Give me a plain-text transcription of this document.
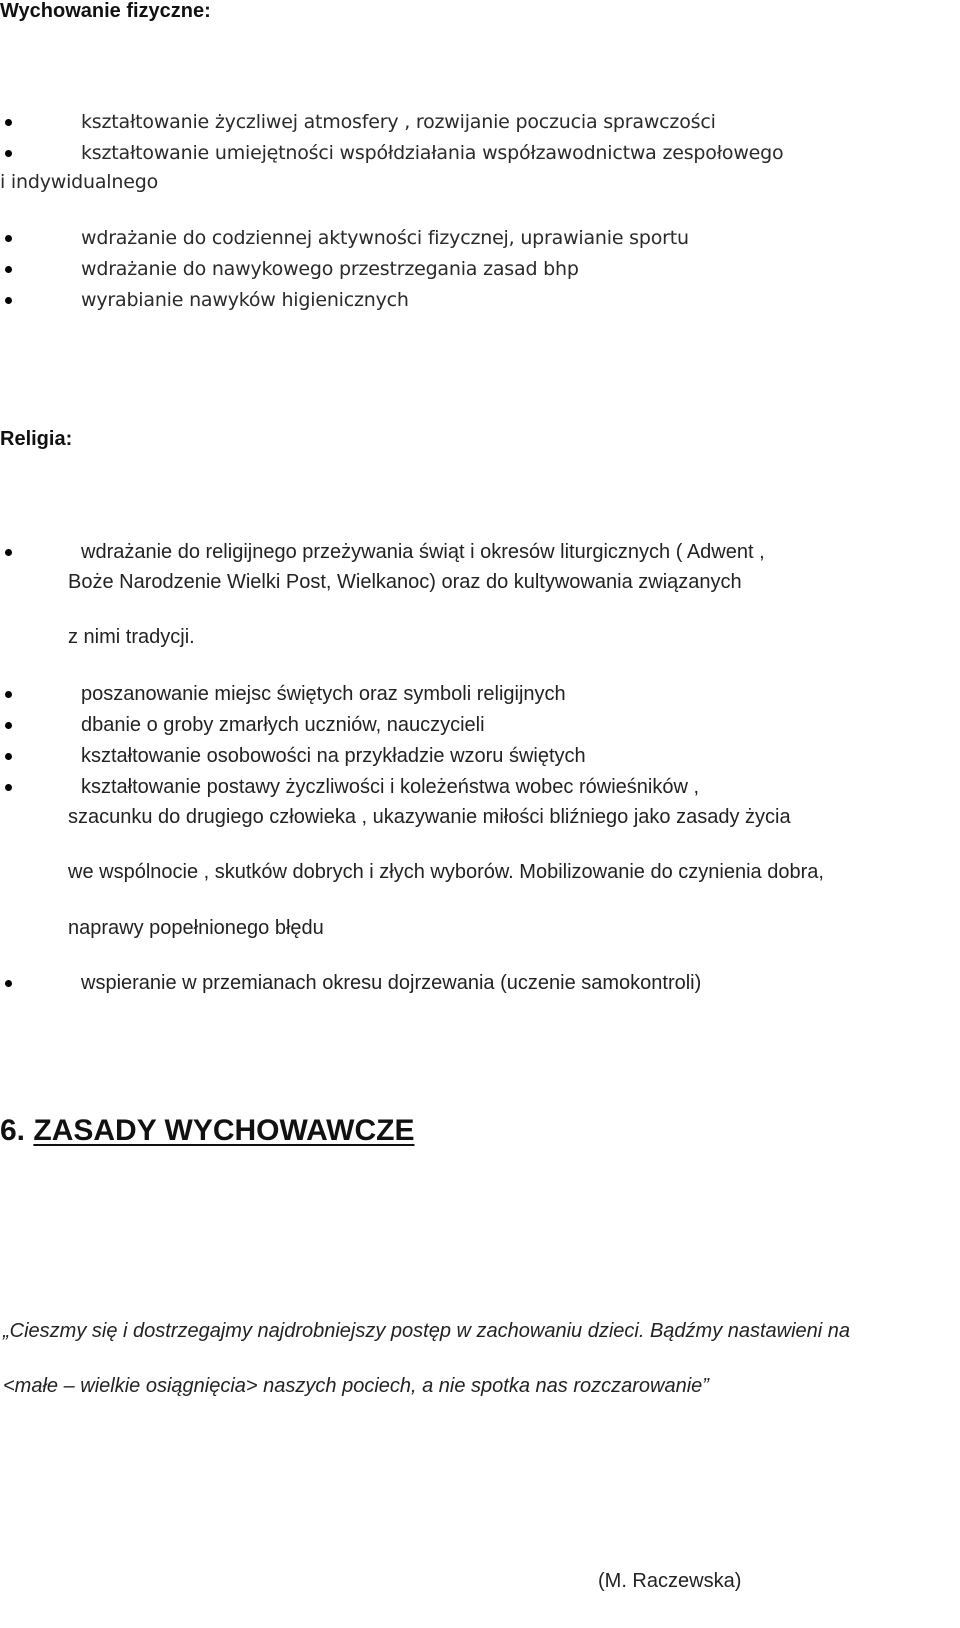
Wychowanie fizyczne:
kształtowanie życzliwej atmosfery , rozwijanie poczucia sprawczości
kształtowanie umiejętności współdziałania współzawodnictwa zespołowego
i indywidualnego
wdrażanie do codziennej aktywności fizycznej, uprawianie sportu
wdrażanie do nawykowego przestrzegania zasad bhp
wyrabianie nawyków higienicznych
Religia:
wdrażanie do religijnego przeżywania świąt i okresów liturgicznych ( Adwent ,
Boże Narodzenie Wielki Post, Wielkanoc) oraz do kultywowania związanych
z nimi tradycji.
poszanowanie miejsc świętych oraz symboli religijnych
dbanie o groby zmarłych uczniów, nauczycieli
kształtowanie osobowości na przykładzie wzoru świętych
kształtowanie postawy życzliwości i koleżeństwa wobec rówieśników ,
szacunku do drugiego człowieka , ukazywanie miłości bliźniego jako zasady życia
we wspólnocie , skutków dobrych i złych wyborów. Mobilizowanie do czynienia dobra,
naprawy popełnionego błędu
wspieranie w przemianach okresu dojrzewania (uczenie samokontroli)
6. ZASADY WYCHOWAWCZE
„Cieszmy się i dostrzegajmy najdrobniejszy postęp w zachowaniu dzieci. Bądźmy nastawieni na
<małe – wielkie osiągnięcia> naszych pociech, a nie spotka nas rozczarowanie”
(M. Raczewska)
